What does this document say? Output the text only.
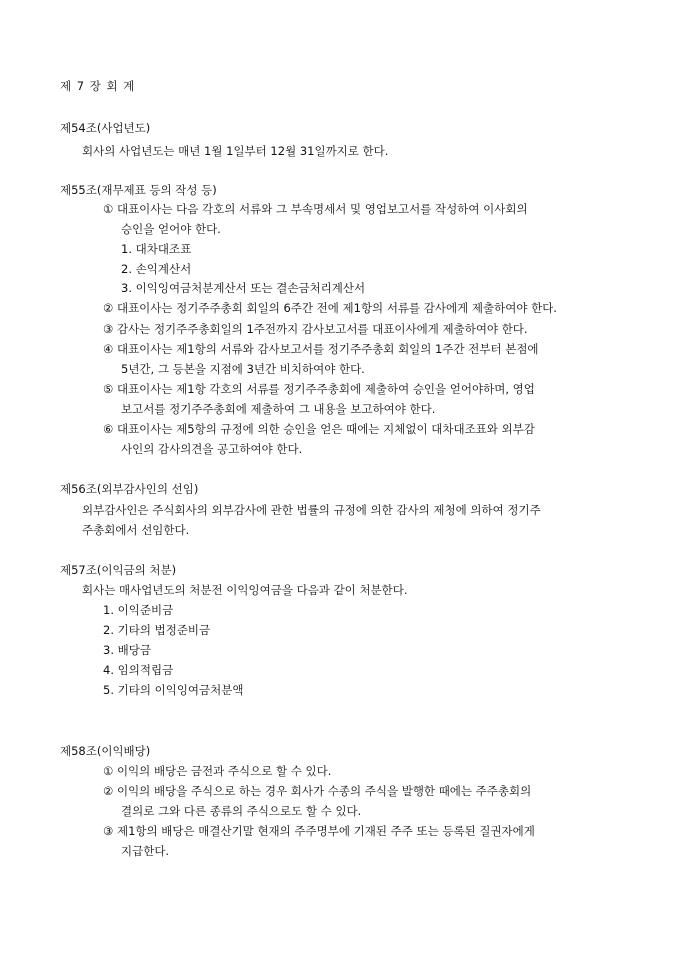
제 7 장 회 계
제54조(사업년도)
회사의 사업년도는 매년 1월 1일부터 12월 31일까지로 한다.
제55조(재무제표 등의 작성 등)
① 대표이사는 다음 각호의 서류와 그 부속명세서 및 영업보고서를 작성하여 이사회의
승인을 얻어야 한다.
1. 대차대조표
2. 손익계산서
3. 이익잉여금처분계산서 또는 결손금처리계산서
② 대표이사는 정기주주총회 회일의 6주간 전에 제1항의 서류를 감사에게 제출하여야 한다.
③ 감사는 정기주주총회일의 1주전까지 감사보고서를 대표이사에게 제출하여야 한다.
④ 대표이사는 제1항의 서류와 감사보고서를 정기주주총회 회일의 1주간 전부터 본점에
5년간, 그 등본을 지점에 3년간 비치하여야 한다.
⑤ 대표이사는 제1항 각호의 서류를 정기주주총회에 제출하여 승인을 얻어야하며, 영업
보고서를 정기주주총회에 제출하여 그 내용을 보고하여야 한다.
⑥ 대표이사는 제5항의 규정에 의한 승인을 얻은 때에는 지체없이 대차대조표와 외부감
사인의 감사의견을 공고하여야 한다.
제56조(외부감사인의 선임)
외부감사인은 주식회사의 외부감사에 관한 법률의 규정에 의한 감사의 제청에 의하여 정기주
주총회에서 선임한다.
제57조(이익금의 처분)
회사는 매사업년도의 처분전 이익잉여금을 다음과 같이 처분한다.
1. 이익준비금
2. 기타의 법정준비금
3. 배당금
4. 임의적립금
5. 기타의 이익잉여금처분액
제58조(이익배당)
① 이익의 배당은 금전과 주식으로 할 수 있다.
② 이익의 배당을 주식으로 하는 경우 회사가 수종의 주식을 발행한 때에는 주주총회의
결의로 그와 다른 종류의 주식으로도 할 수 있다.
③ 제1항의 배당은 매결산기말 현재의 주주명부에 기재된 주주 또는 등록된 질권자에게
지급한다.
